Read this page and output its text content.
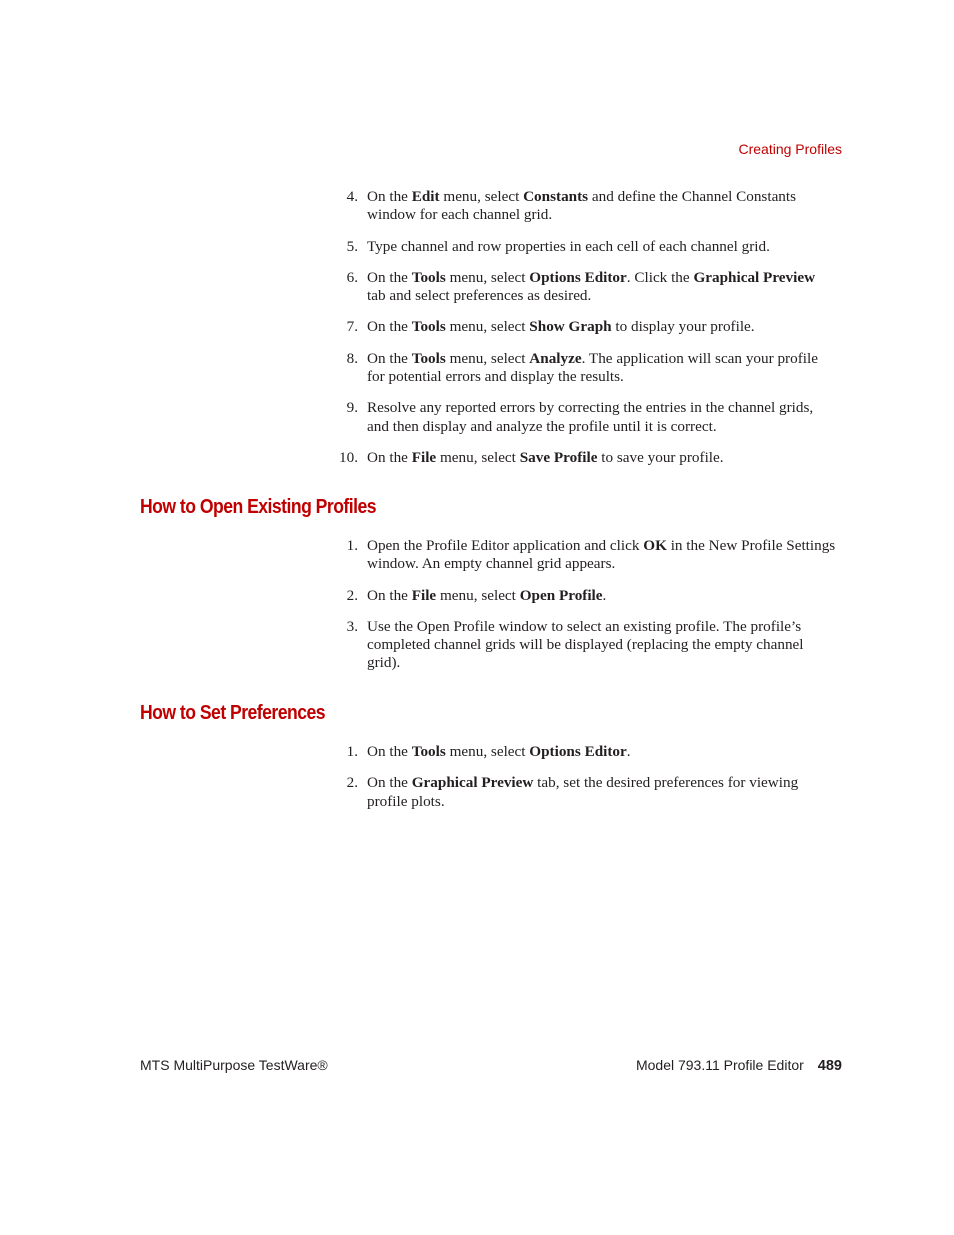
Creating Profiles
4. On the Edit menu, select Constants and define the Channel Constants window for each channel grid.
5. Type channel and row properties in each cell of each channel grid.
6. On the Tools menu, select Options Editor. Click the Graphical Preview tab and select preferences as desired.
7. On the Tools menu, select Show Graph to display your profile.
8. On the Tools menu, select Analyze. The application will scan your profile for potential errors and display the results.
9. Resolve any reported errors by correcting the entries in the channel grids, and then display and analyze the profile until it is correct.
10. On the File menu, select Save Profile to save your profile.
How to Open Existing Profiles
1. Open the Profile Editor application and click OK in the New Profile Settings window. An empty channel grid appears.
2. On the File menu, select Open Profile.
3. Use the Open Profile window to select an existing profile. The profile’s completed channel grids will be displayed (replacing the empty channel grid).
How to Set Preferences
1. On the Tools menu, select Options Editor.
2. On the Graphical Preview tab, set the desired preferences for viewing profile plots.
MTS MultiPurpose TestWare®	Model 793.11 Profile Editor 489
